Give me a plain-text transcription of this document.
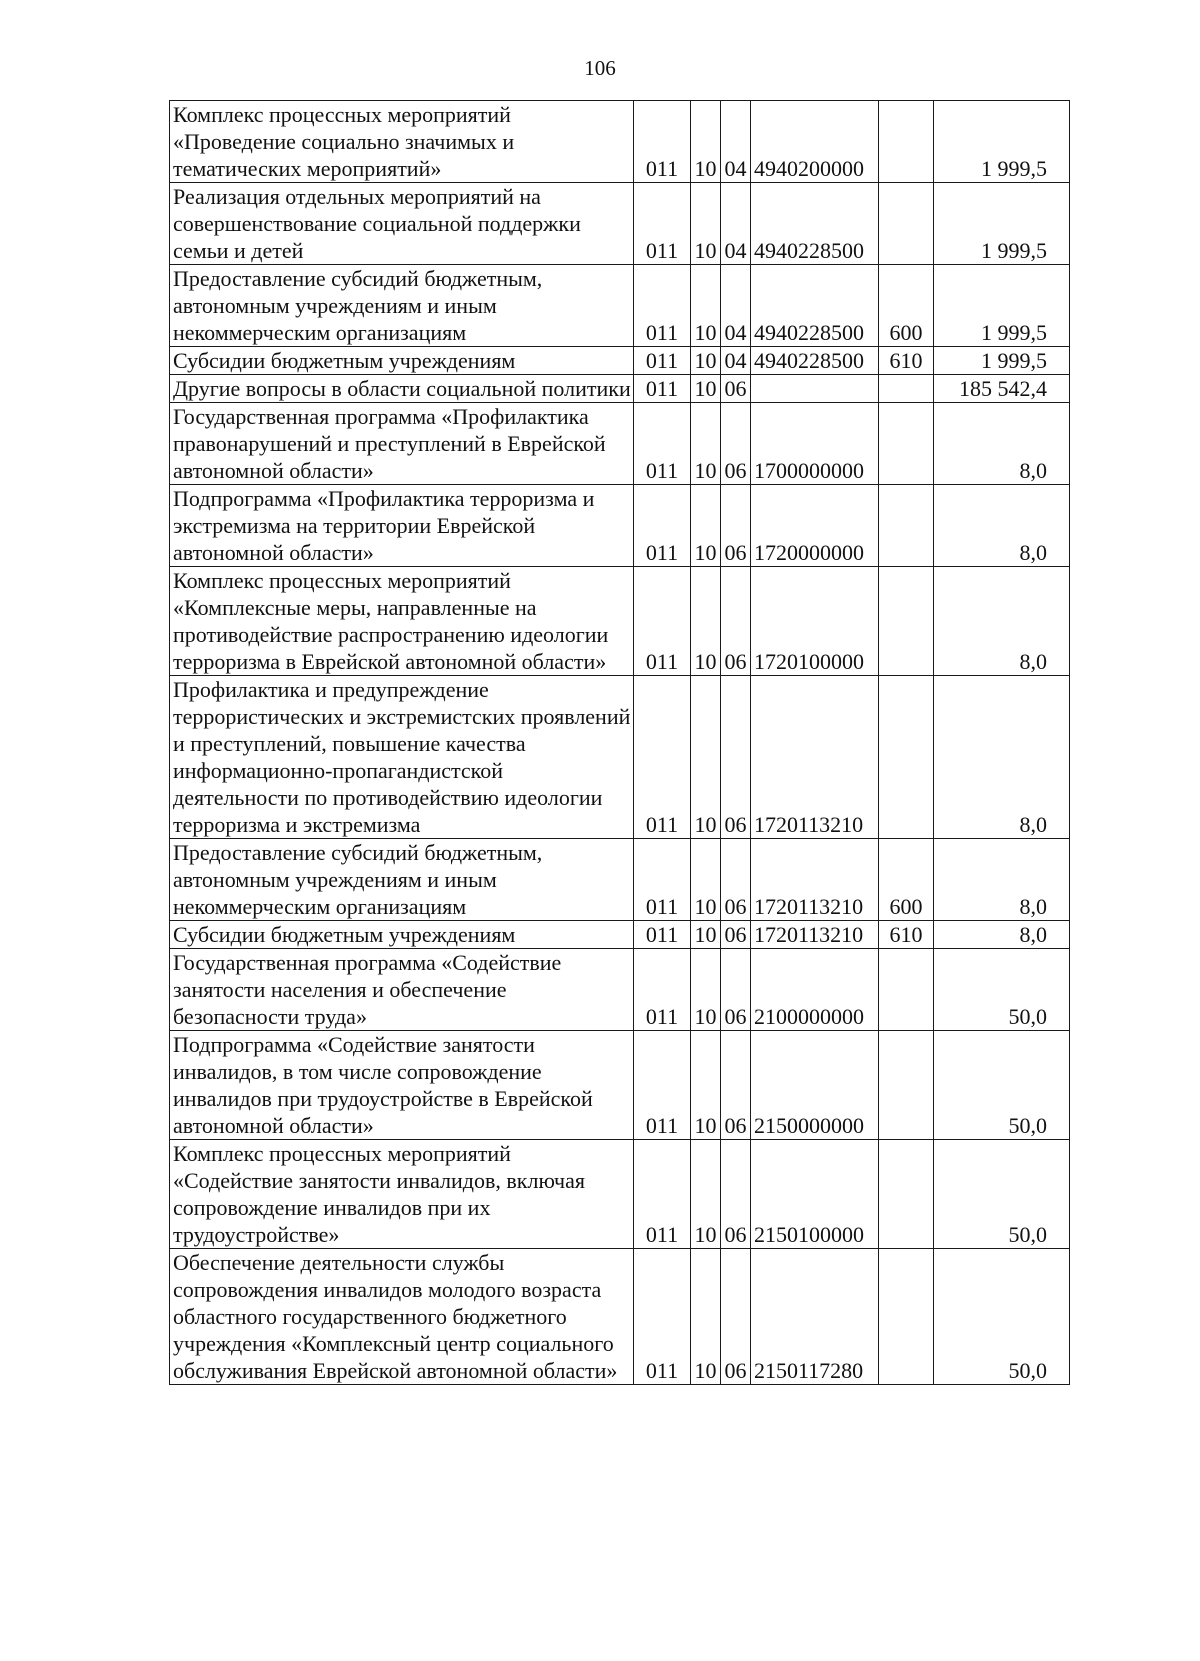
106
Комплекс процессных мероприятий «Проведение социально значимых и тематических мероприятий»	011	10	04	4940200000		1 999,5
Реализация отдельных мероприятий на совершенствование социальной поддержки семьи и детей	011	10	04	4940228500		1 999,5
Предоставление субсидий бюджетным, автономным учреждениям и иным некоммерческим организациям	011	10	04	4940228500	600	1 999,5
Субсидии бюджетным учреждениям	011	10	04	4940228500	610	1 999,5
Другие вопросы в области социальной политики	011	10	06			185 542,4
Государственная программа «Профилактика правонарушений и преступлений в Еврейской автономной области»	011	10	06	1700000000		8,0
Подпрограмма «Профилактика терроризма и экстремизма на территории Еврейской автономной области»	011	10	06	1720000000		8,0
Комплекс процессных мероприятий «Комплексные меры, направленные на противодействие распространению идеологии терроризма в Еврейской автономной области»	011	10	06	1720100000		8,0
Профилактика и предупреждение террористических и экстремистских проявлений и преступлений, повышение качества информационно-пропагандистской деятельности по противодействию идеологии терроризма и экстремизма	011	10	06	1720113210		8,0
Предоставление субсидий бюджетным, автономным учреждениям и иным некоммерческим организациям	011	10	06	1720113210	600	8,0
Субсидии бюджетным учреждениям	011	10	06	1720113210	610	8,0
Государственная программа «Содействие занятости населения и обеспечение безопасности труда»	011	10	06	2100000000		50,0
Подпрограмма «Содействие занятости инвалидов, в том числе сопровождение инвалидов при трудоустройстве в Еврейской автономной области»	011	10	06	2150000000		50,0
Комплекс процессных мероприятий «Содействие занятости инвалидов, включая сопровождение инвалидов при их трудоустройстве»	011	10	06	2150100000		50,0
Обеспечение деятельности службы сопровождения инвалидов молодого возраста областного государственного бюджетного учреждения «Комплексный центр социального обслуживания Еврейской автономной области»	011	10	06	2150117280		50,0
